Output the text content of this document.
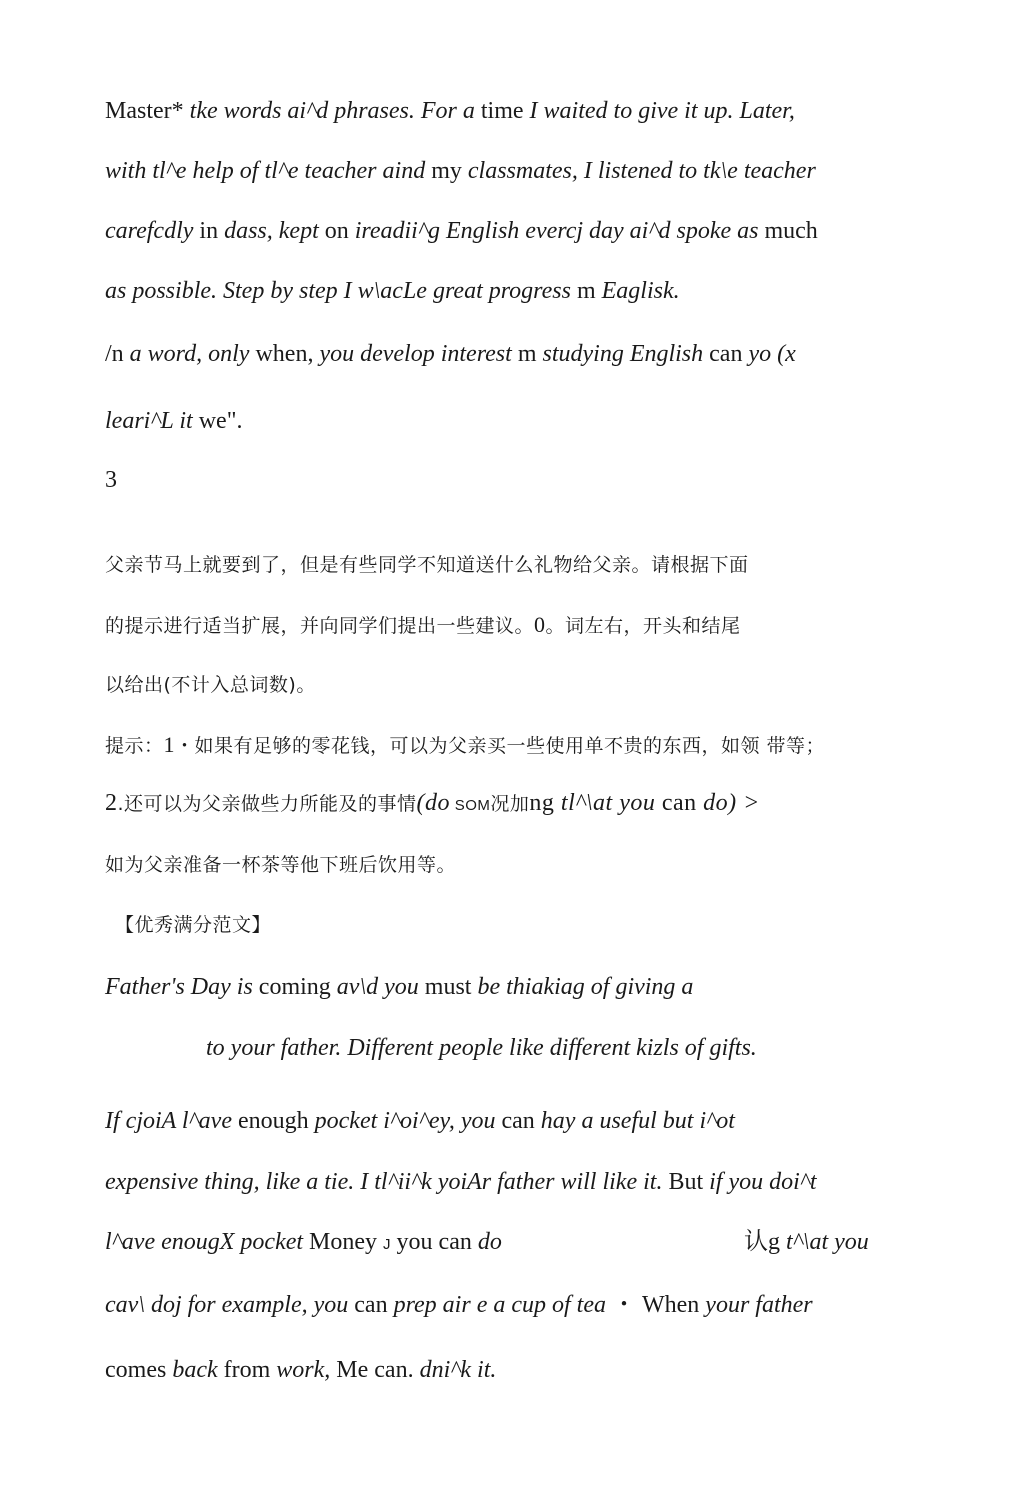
Master* tke words ai^d phrases. For a time I waited to give it up. Later,
with tl^e help of tl^e teacher aind my classmates, I listened to tk\e teacher
carefcdly in dass, kept on ireadii^g English evercj day ai^d spoke as much
as possible. Step by step I w\acLe great progress m Eaglisk.
/n a word, only when, you develop interest m studying English can yo (x
leari^L it we".
3
父亲节马上就要到了，但是有些同学不知道送什么礼物给父亲。请根据下面
的提示进行适当扩展，并向同学们提出一些建议。0。词左右，开头和结尾
以给出(不计入总词数)。
提示：1・如果有足够的零花钱，可以为父亲买一些使用单不贵的东西，如领 带等；
2.还可以为父亲做些力所能及的事情(do SOM况加ng tl^\at you can do) >
如为父亲准备一杯茶等他下班后饮用等。
【优秀满分范文】
Father's Day is coming av\d you must be thiakiag of giving a
to your father. Different people like different kizls of gifts.
If cjoiA l^ave enough pocket i^oi^ey, you can hay a useful but i^ot
expensive thing, like a tie. I tl^ii^k yoiAr father will like it. But if you doi^t
l^ave enougX pocket Money J you can do	认g t^\at you
cav\ doj for example, you can prep air e a cup of tea ・ When your father
comes back from work, Me can. dni^k it.
